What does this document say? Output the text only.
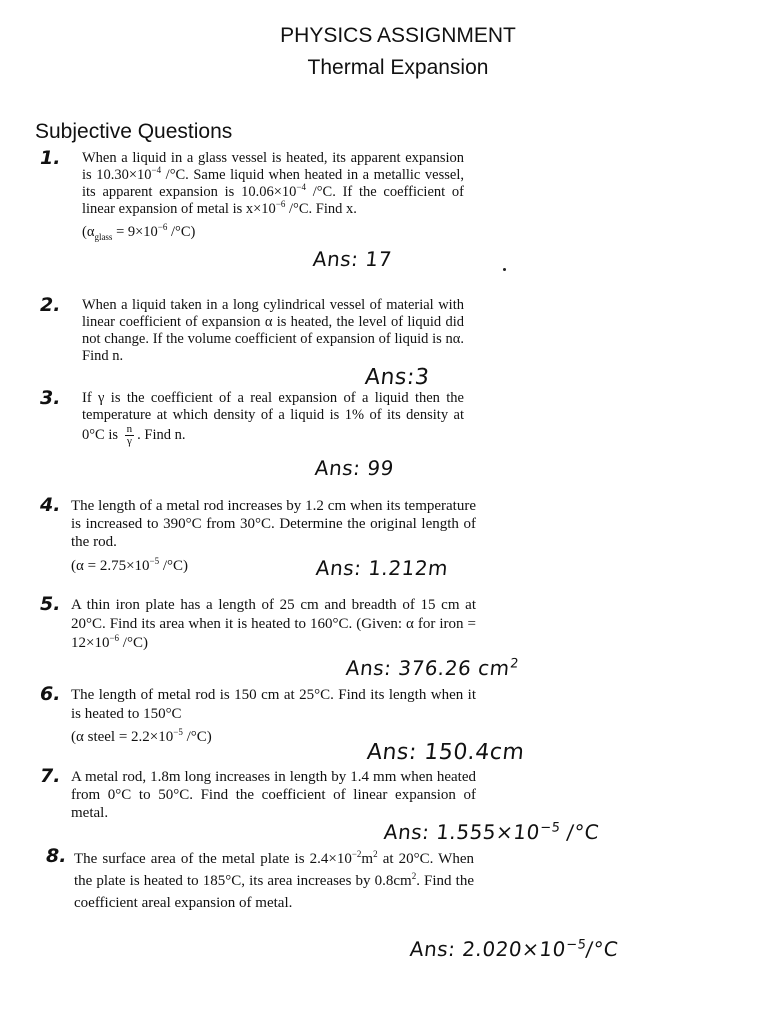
PHYSICS ASSIGNMENT
Thermal Expansion
Subjective Questions
1. When a liquid in a glass vessel is heated, its apparent expansion is $10.30\times 10^{-4}$ /°C. Same liquid when heated in a metallic vessel, its apparent expansion is $10.06\times 10^{-4}$ /°C. If the coefficient of linear expansion of metal is $x\times 10^{-6}$ /°C. Find x.
($\alpha_{glass} = 9\times 10^{-6}$ /°C)
Ans: 17
2. When a liquid taken in a long cylindrical vessel of material with linear coefficient of expansion α is heated, the level of liquid did not change. If the volume coefficient of expansion of liquid is nα. Find n.
Ans:3
3. If γ is the coefficient of a real expansion of a liquid then the temperature at which density of a liquid is 1% of its density at 0°C is $\frac{n}{\gamma}$ . Find n.
Ans: 99
4. The length of a metal rod increases by 1.2 cm when its temperature is increased to 390°C from 30°C. Determine the original length of the rod.
($\alpha = 2.75\times 10^{-5}$ /°C)	Ans: 1.212m
5. A thin iron plate has a length of 25 cm and breadth of 15 cm at 20°C. Find its area when it is heated to 160°C. (Given: α for iron = $12\times 10^{-6}$ /°C)
Ans: 376.26 $cm^2$
6. The length of metal rod is 150 cm at 25°C. Find its length when it is heated to 150°C
(α steel = $2.2\times 10^{-5}$ /°C)
Ans: 150.4cm
7. A metal rod, 1.8m long increases in length by 1.4 mm when heated from 0°C to 50°C. Find the coefficient of linear expansion of metal.
Ans: $1.555\times 10^{-5}$ /°C
8. The surface area of the metal plate is $2.4\times 10^{-2}m^2$ at 20°C. When the plate is heated to 185°C, its area increases by $0.8cm^2$. Find the coefficient areal expansion of metal.
Ans: $2.020\times 10^{-5}/^\circ C$
